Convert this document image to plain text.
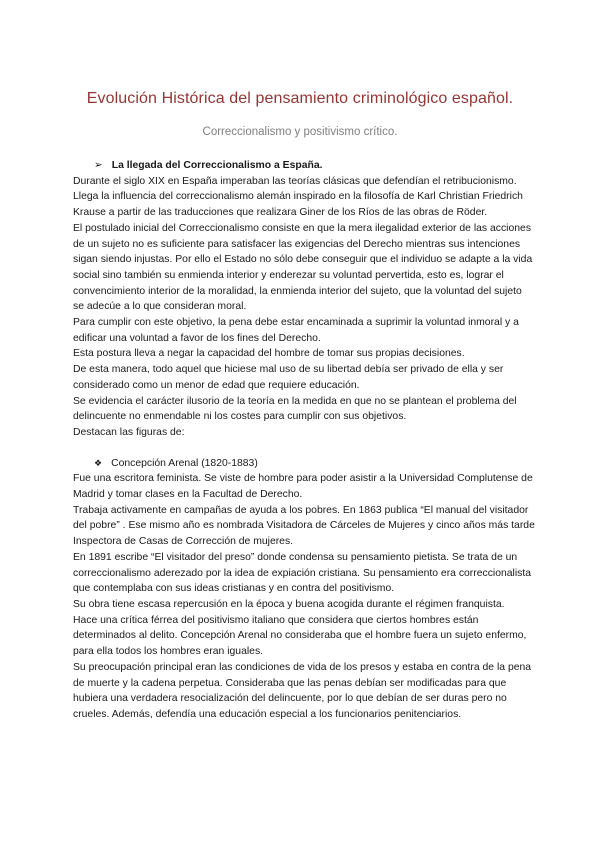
Evolución Histórica del pensamiento criminológico español.
Correccionalismo y positivismo crítico.
➢ La llegada del Correccionalismo a España.

Durante el siglo XIX en España imperaban las teorías clásicas que defendían el retribucionismo.

Llega la influencia del correccionalismo alemán inspirado en la filosofía de Karl Christian Friedrich Krause a partir de las traducciones que realizara Giner de los Ríos de las obras de Röder.

El postulado inicial del Correccionalismo consiste en que la mera ilegalidad exterior de las acciones de un sujeto no es suficiente para satisfacer las exigencias del Derecho mientras sus intenciones sigan siendo injustas. Por ello el Estado no sólo debe conseguir que el individuo se adapte a la vida social sino también su enmienda interior y enderezar su voluntad pervertida, esto es, lograr el convencimiento interior de la moralidad, la enmienda interior del sujeto, que la voluntad del sujeto se adecúe a lo que consideran moral.

Para cumplir con este objetivo, la pena debe estar encaminada a suprimir la voluntad inmoral y a edificar una voluntad a favor de los fines del Derecho.

Esta postura lleva a negar la capacidad del hombre de tomar sus propias decisiones.

De esta manera, todo aquel que hiciese mal uso de su libertad debía ser privado de ella y ser considerado como un menor de edad que requiere educación.

Se evidencia el carácter ilusorio de la teoría en la medida en que no se plantean el problema del delincuente no enmendable ni los costes para cumplir con sus objetivos.

Destacan las figuras de:

❖ Concepción Arenal (1820-1883)

Fue una escritora feminista. Se viste de hombre para poder asistir a la Universidad Complutense de Madrid y tomar clases en la Facultad de Derecho.

Trabaja activamente en campañas de ayuda a los pobres. En 1863 publica “El manual del visitador del pobre” . Ese mismo año es nombrada Visitadora de Cárceles de Mujeres y cinco años más tarde Inspectora de Casas de Corrección de mujeres.

En 1891 escribe “El visitador del preso” donde condensa su pensamiento pietista. Se trata de un correccionalismo aderezado por la idea de expiación cristiana. Su pensamiento era correccionalista que contemplaba con sus ideas cristianas y en contra del positivismo.

Su obra tiene escasa repercusión en la época y buena acogida durante el régimen franquista.

Hace una crítica férrea del positivismo italiano que considera que ciertos hombres están determinados al delito. Concepción Arenal no consideraba que el hombre fuera un sujeto enfermo, para ella todos los hombres eran iguales.

Su preocupación principal eran las condiciones de vida de los presos y estaba en contra de la pena de muerte y la cadena perpetua. Consideraba que las penas debían ser modificadas para que hubiera una verdadera resocialización del delincuente, por lo que debían de ser duras pero no crueles. Además, defendía una educación especial a los funcionarios penitenciarios.
